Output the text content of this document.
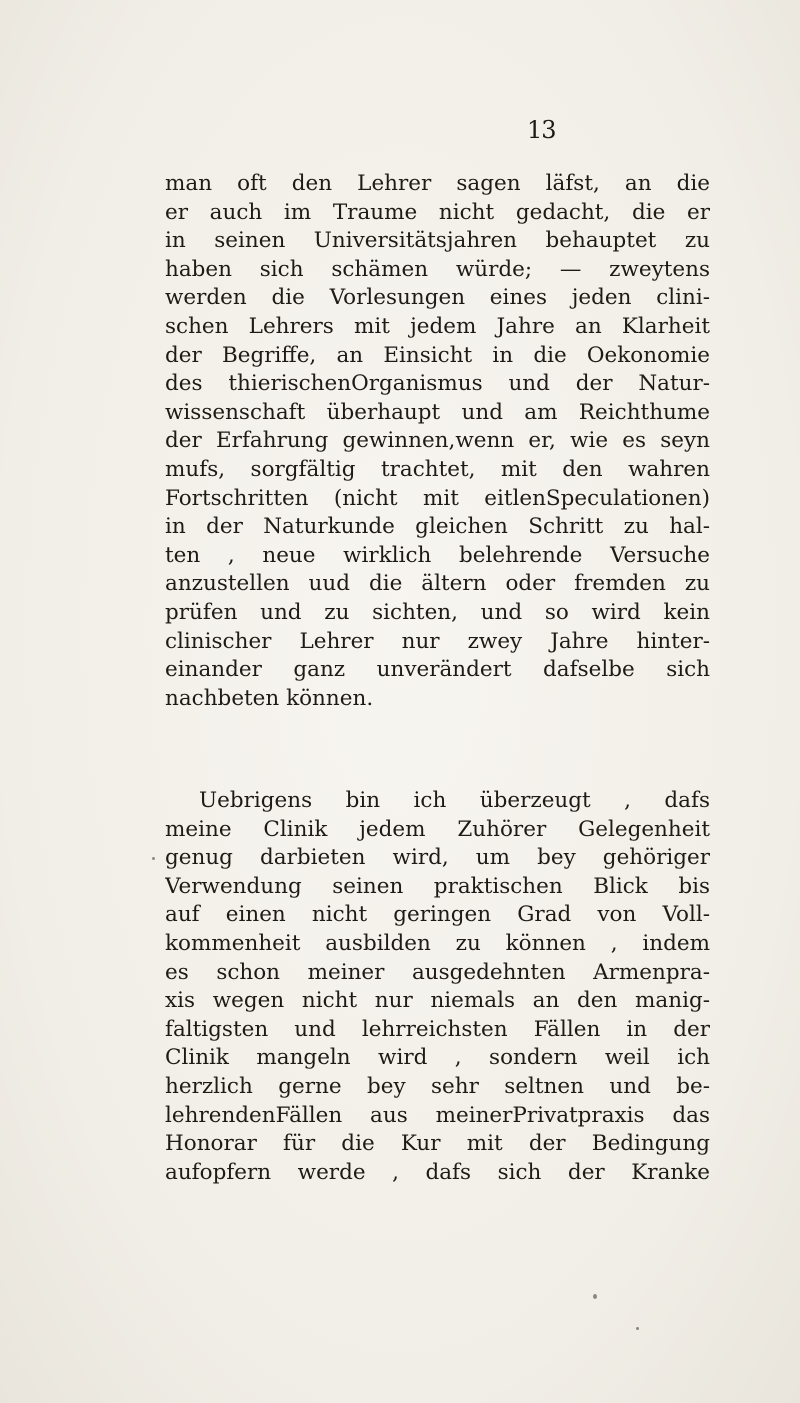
13

man oft den Lehrer sagen läfst, an die
er auch im Traume nicht gedacht, die er
in seinen Universitätsjahren behauptet zu
haben sich schämen würde; — zweytens
werden die Vorlesungen eines jeden clini-
schen Lehrers mit jedem Jahre an Klarheit
der Begriffe, an Einsicht in die Oekonomie
des thierischenOrganismus und der Natur-
wissenschaft überhaupt und am Reichthume
der Erfahrung gewinnen,wenn er, wie es seyn
mufs, sorgfältig trachtet, mit den wahren
Fortschritten (nicht mit eitlenSpeculationen)
in der Naturkunde gleichen Schritt zu hal-
ten , neue wirklich belehrende Versuche
anzustellen uud die ältern oder fremden zu
prüfen und zu sichten, und so wird kein
clinischer Lehrer nur zwey Jahre hinter-
einander ganz unverändert dafselbe sich
nachbeten können.

Uebrigens bin ich überzeugt , dafs
meine Clinik jedem Zuhörer Gelegenheit
genug darbieten wird, um bey gehöriger
Verwendung seinen praktischen Blick bis
auf einen nicht geringen Grad von Voll-
kommenheit ausbilden zu können , indem
es schon meiner ausgedehnten Armenpra-
xis wegen nicht nur niemals an den manig-
faltigsten und lehrreichsten Fällen in der
Clinik mangeln wird , sondern weil ich
herzlich gerne bey sehr seltnen und be-
lehrendenFällen aus meinerPrivatpraxis das
Honorar für die Kur mit der Bedingung
aufopfern werde , dafs sich der Kranke
